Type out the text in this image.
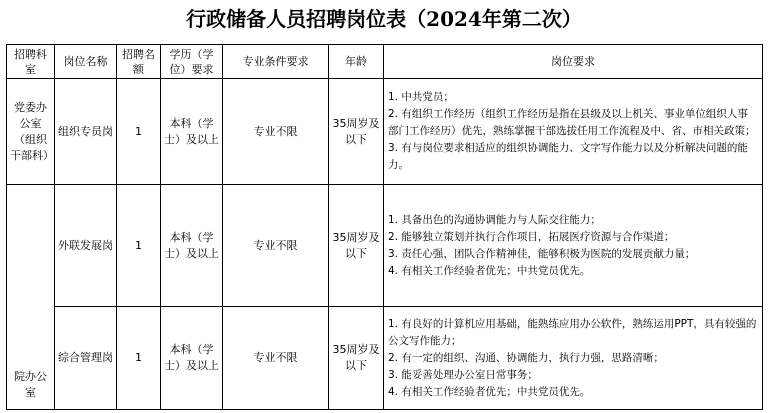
行政储备人员招聘岗位表（2024年第二次）
招聘科室	岗位名称	招聘名额	学历（学位）要求	专业条件要求	年龄	岗位要求
党委办公室（组织干部科）	组织专员岗	1	本科（学士）及以上	专业不限	35周岁及以下	1. 中共党员；
2. 有组织工作经历（组织工作经历是指在县级及以上机关、事业单位组织人事部门工作经历）优先，熟练掌握干部选拔任用工作流程及中、省、市相关政策；
3. 有与岗位要求相适应的组织协调能力、文字写作能力以及分析解决问题的能力。

院办公室	外联发展岗	1	本科（学士）及以上	专业不限	35周岁及以下	1. 具备出色的沟通协调能力与人际交往能力；
2. 能够独立策划并执行合作项目，拓展医疗资源与合作渠道；
3. 责任心强，团队合作精神佳，能够积极为医院的发展贡献力量；
4. 有相关工作经验者优先；中共党员优先。

	综合管理岗	1	本科（学士）及以上	专业不限	35周岁及以下	1. 有良好的计算机应用基础，能熟练应用办公软件，熟练运用PPT，具有较强的公文写作能力；
2. 有一定的组织、沟通、协调能力，执行力强，思路清晰；
3. 能妥善处理办公室日常事务；
4. 有相关工作经验者优先；中共党员优先。
